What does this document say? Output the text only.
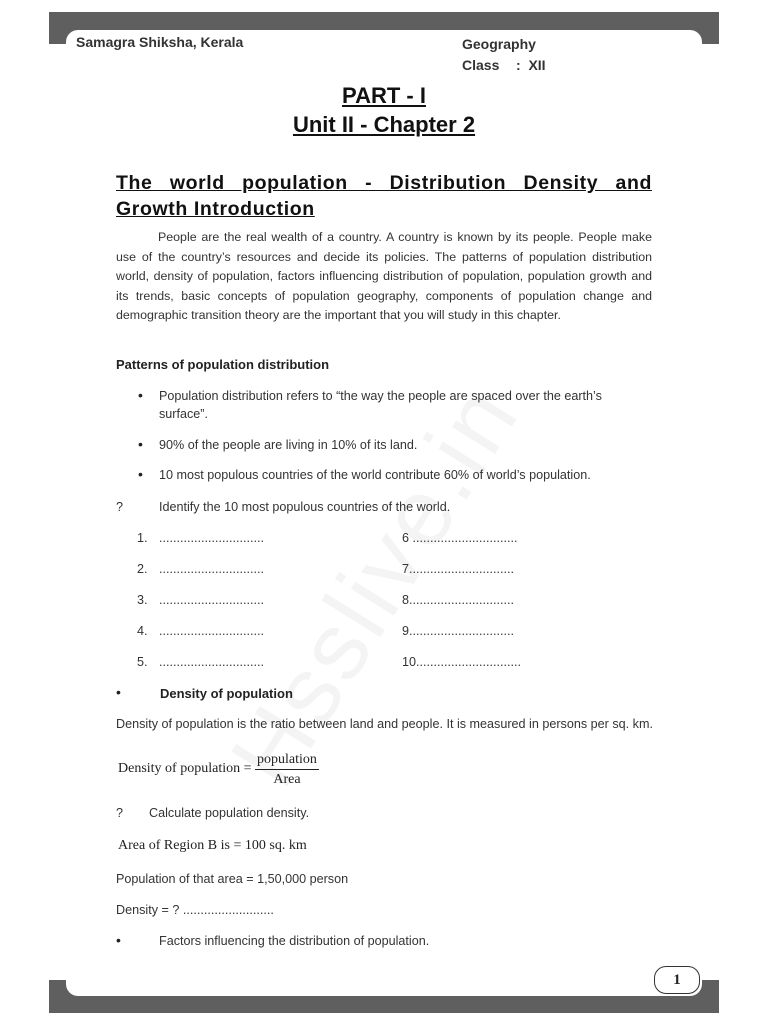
Samagra Shiksha, Kerala	Geography
Class :  XII
PART - I
Unit II - Chapter 2
The world population - Distribution Density and
Growth Introduction

People are the real wealth of a country. A country is known by its people. People make use of the country’s resources and decide its policies. The patterns of population distribution world, density of population, factors influencing distribution of population, population growth and its trends, basic concepts of population geography, components of population change and demographic transition theory are the important that you will study in this chapter.

Patterns of population distribution
• Population distribution refers to “the way the people are spaced over the earth’s
surface”.
• 90% of the people are living in 10% of its land.
• 10 most populous countries of the world contribute 60% of world’s population.
?	Identify the 10 most populous countries of the world.
1. ..............................
2. ..............................
3. ..............................
4. ..............................
5. ..............................
6 ..............................
7..............................
8..............................
9..............................
10..............................
•	Density of population
Density of population is the ratio between land and people. It is measured in persons per sq. km.
Density of population =
population
Area
? Calculate population density.
Area of Region B is = 100 sq. km
Population of that area = 1,50,000 person
Density = ? ..........................
•	Factors influencing the distribution of population.
1
